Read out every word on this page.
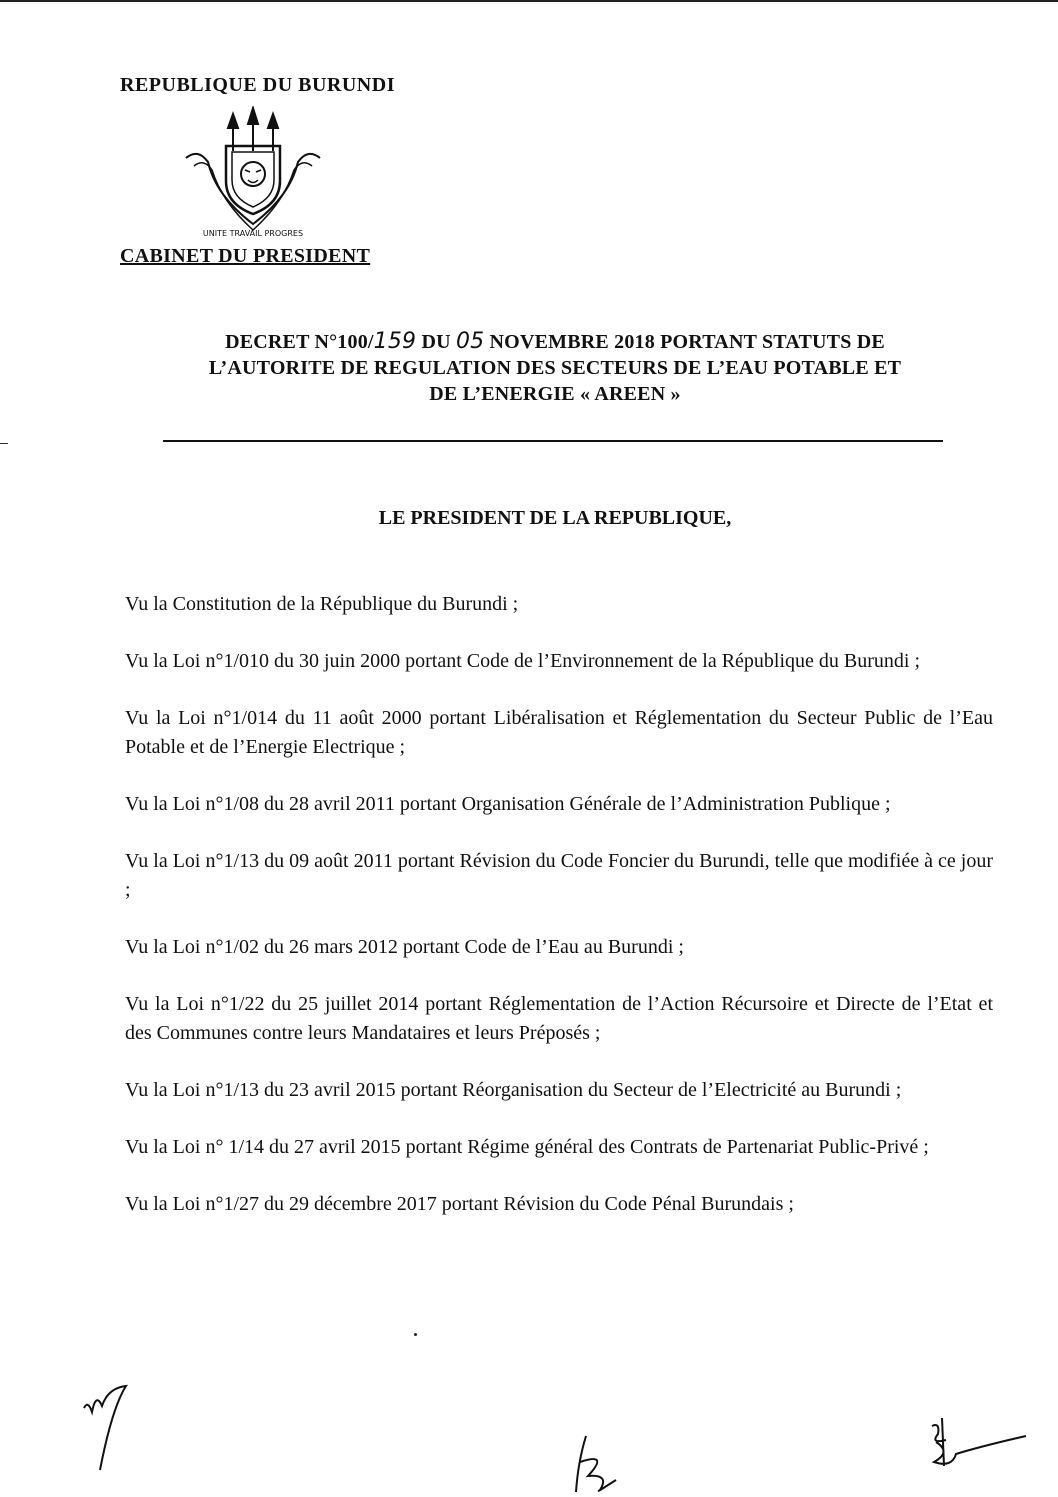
REPUBLIQUE DU BURUNDI
UNITE TRAVAIL PROGRES
CABINET DU PRESIDENT
DECRET N°100/159 DU 05 NOVEMBRE 2018 PORTANT STATUTS DE
L’AUTORITE DE REGULATION DES SECTEURS DE L’EAU POTABLE ET
DE L’ENERGIE « AREEN »
LE PRESIDENT DE LA REPUBLIQUE,

Vu la Constitution de la République du Burundi ;

Vu la Loi n°1/010 du 30 juin 2000 portant Code de l’Environnement de la République du Burundi ;

Vu la Loi n°1/014 du 11 août 2000 portant Libéralisation et Réglementation du Secteur Public de l’Eau Potable et de l’Energie Electrique ;

Vu la Loi n°1/08 du 28 avril 2011 portant Organisation Générale de l’Administration Publique ;

Vu la Loi n°1/13 du 09 août 2011 portant Révision du Code Foncier du Burundi, telle que modifiée à ce jour ;

Vu la Loi n°1/02 du 26 mars 2012 portant Code de l’Eau au Burundi ;

Vu la Loi n°1/22 du 25 juillet 2014 portant Réglementation de l’Action Récursoire et Directe de l’Etat et des Communes contre leurs Mandataires et leurs Préposés ;

Vu la Loi n°1/13 du 23 avril 2015 portant Réorganisation du Secteur de l’Electricité au Burundi ;

Vu la Loi n° 1/14 du 27 avril 2015 portant Régime général des Contrats de Partenariat Public-Privé ;

Vu la Loi n°1/27 du 29 décembre 2017 portant Révision du Code Pénal Burundais ;
